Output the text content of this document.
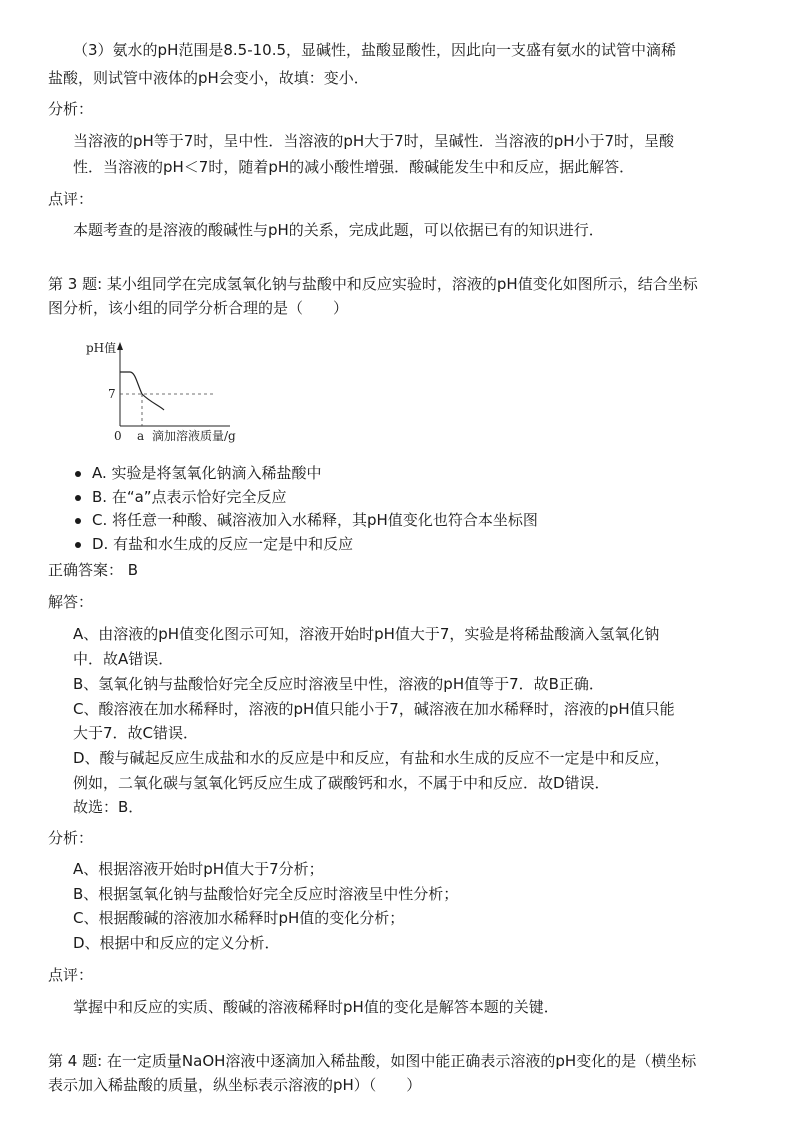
（3）氨水的pH范围是8.5-10.5，显碱性，盐酸显酸性，因此向一支盛有氨水的试管中滴稀
盐酸，则试管中液体的pH会变小，故填：变小．
分析：
当溶液的pH等于7时，呈中性．当溶液的pH大于7时，呈碱性．当溶液的pH小于7时，呈酸
性．当溶液的pH＜7时，随着pH的减小酸性增强．酸碱能发生中和反应，据此解答．
点评：
本题考查的是溶液的酸碱性与pH的关系，完成此题，可以依据已有的知识进行．
第 3 题: 某小组同学在完成氢氧化钠与盐酸中和反应实验时，溶液的pH值变化如图所示，结合坐标
图分析，该小组的同学分析合理的是（　　）
pH值
7
0 a 滴加溶液质量/g
A. 实验是将氢氧化钠滴入稀盐酸中
B. 在“a”点表示恰好完全反应
C. 将任意一种酸、碱溶液加入水稀释，其pH值变化也符合本坐标图
D. 有盐和水生成的反应一定是中和反应
正确答案： B
解答：
A、由溶液的pH值变化图示可知，溶液开始时pH值大于7，实验是将稀盐酸滴入氢氧化钠
中．故A错误．
B、氢氧化钠与盐酸恰好完全反应时溶液呈中性，溶液的pH值等于7．故B正确．
C、酸溶液在加水稀释时，溶液的pH值只能小于7，碱溶液在加水稀释时，溶液的pH值只能
大于7．故C错误．
D、酸与碱起反应生成盐和水的反应是中和反应，有盐和水生成的反应不一定是中和反应，
例如，二氧化碳与氢氧化钙反应生成了碳酸钙和水，不属于中和反应．故D错误．
故选：B．
分析：
A、根据溶液开始时pH值大于7分析；
B、根据氢氧化钠与盐酸恰好完全反应时溶液呈中性分析；
C、根据酸碱的溶液加水稀释时pH值的变化分析；
D、根据中和反应的定义分析．
点评：
掌握中和反应的实质、酸碱的溶液稀释时pH值的变化是解答本题的关键．
第 4 题: 在一定质量NaOH溶液中逐滴加入稀盐酸，如图中能正确表示溶液的pH变化的是（横坐标
表示加入稀盐酸的质量，纵坐标表示溶液的pH）（　　）
